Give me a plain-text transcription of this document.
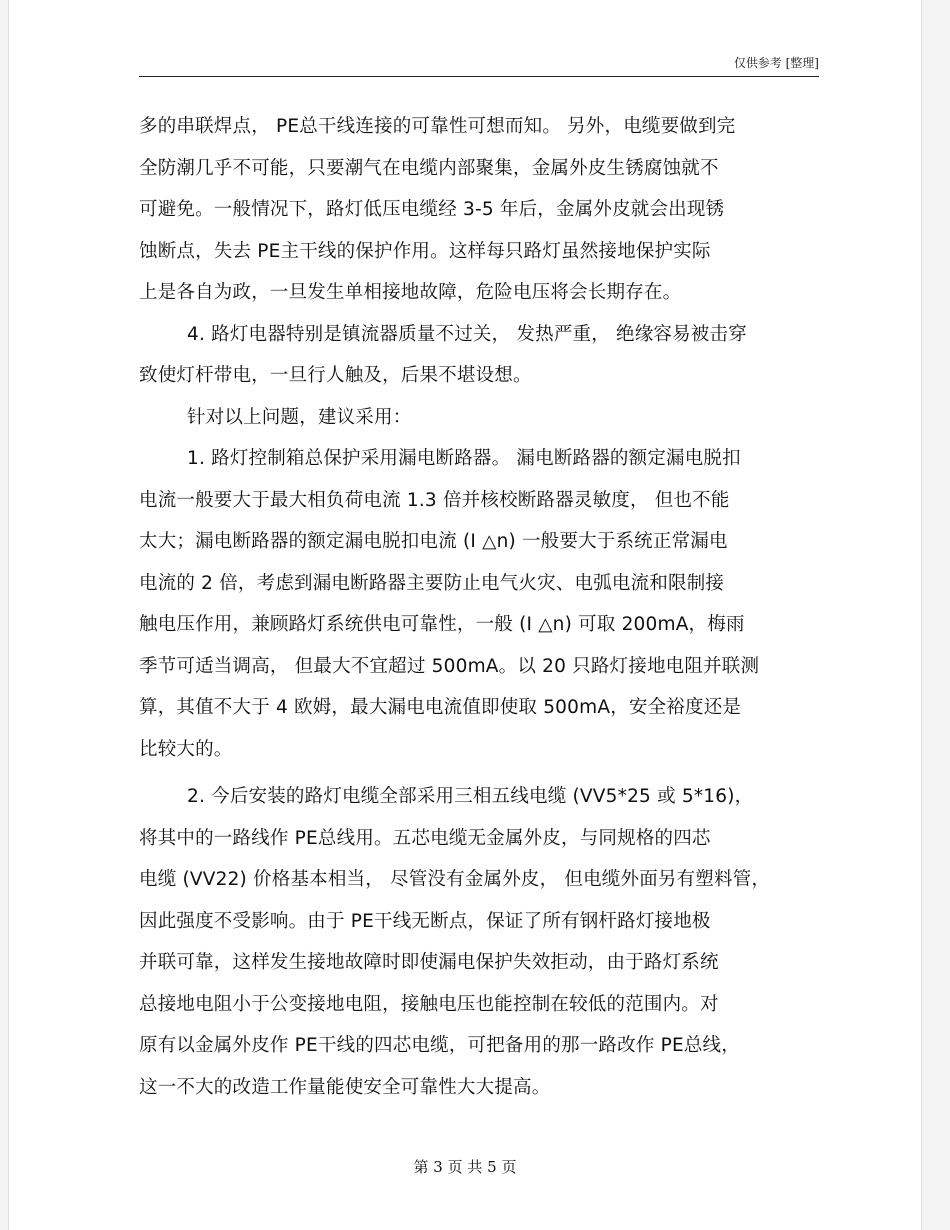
仅供参考 [整理]
多的串联焊点， PE总干线连接的可靠性可想而知。 另外，电缆要做到完
全防潮几乎不可能，只要潮气在电缆内部聚集，金属外皮生锈腐蚀就不
可避免。一般情况下，路灯低压电缆经 3-5 年后，金属外皮就会出现锈
蚀断点，失去 PE主干线的保护作用。这样每只路灯虽然接地保护实际
上是各自为政，一旦发生单相接地故障，危险电压将会长期存在。
4. 路灯电器特别是镇流器质量不过关， 发热严重， 绝缘容易被击穿
致使灯杆带电，一旦行人触及，后果不堪设想。
针对以上问题，建议采用：
1. 路灯控制箱总保护采用漏电断路器。 漏电断路器的额定漏电脱扣
电流一般要大于最大相负荷电流 1.3 倍并核校断路器灵敏度， 但也不能
太大；漏电断路器的额定漏电脱扣电流 (I △n) 一般要大于系统正常漏电
电流的 2 倍，考虑到漏电断路器主要防止电气火灾、电弧电流和限制接
触电压作用，兼顾路灯系统供电可靠性，一般 (I △n) 可取 200mA，梅雨
季节可适当调高， 但最大不宜超过 500mA。以 20 只路灯接地电阻并联测
算，其值不大于 4 欧姆，最大漏电电流值即使取 500mA，安全裕度还是
比较大的。
2. 今后安装的路灯电缆全部采用三相五线电缆 (VV5*25 或 5*16)，
将其中的一路线作 PE总线用。五芯电缆无金属外皮，与同规格的四芯
电缆 (VV22) 价格基本相当， 尽管没有金属外皮， 但电缆外面另有塑料管，
因此强度不受影响。由于 PE干线无断点，保证了所有钢杆路灯接地极
并联可靠，这样发生接地故障时即使漏电保护失效拒动，由于路灯系统
总接地电阻小于公变接地电阻，接触电压也能控制在较低的范围内。对
原有以金属外皮作 PE干线的四芯电缆，可把备用的那一路改作 PE总线，
这一不大的改造工作量能使安全可靠性大大提高。
第 3 页 共 5 页
